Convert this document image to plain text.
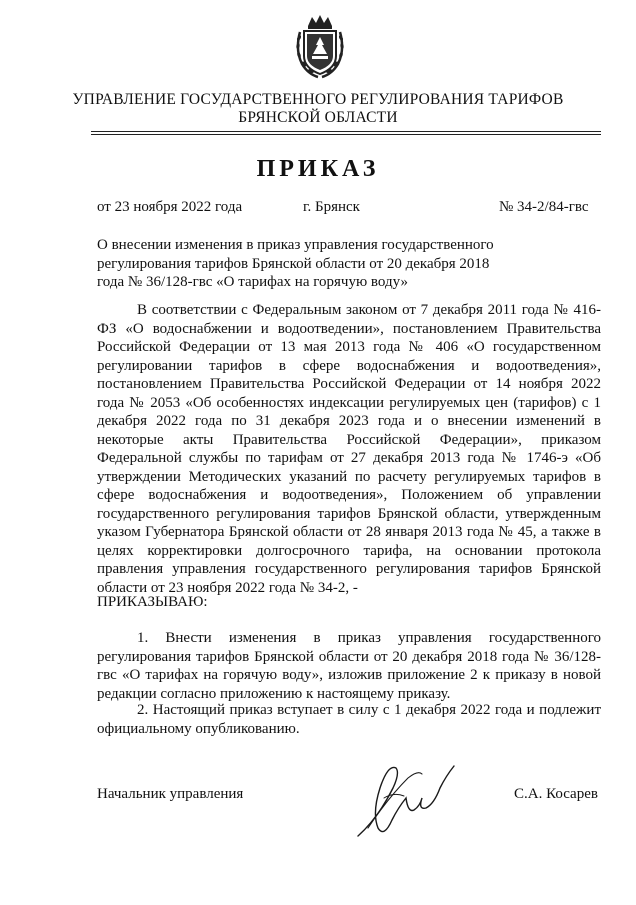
УПРАВЛЕНИЕ ГОСУДАРСТВЕННОГО РЕГУЛИРОВАНИЯ ТАРИФОВ
БРЯНСКОЙ ОБЛАСТИ
ПРИКАЗ
от 23 ноября 2022 года	г. Брянск	№ 34-2/84-гвс
О внесении изменения в приказ управления государственного регулирования тарифов Брянской области от 20 декабря 2018 года № 36/128-гвс «О тарифах на горячую воду»
В соответствии с Федеральным законом от 7 декабря 2011 года № 416-ФЗ «О водоснабжении и водоотведении», постановлением Правительства Российской Федерации от 13 мая 2013 года № 406 «О государственном регулировании тарифов в сфере водоснабжения и водоотведения», постановлением Правительства Российской Федерации от 14 ноября 2022 года № 2053 «Об особенностях индексации регулируемых цен (тарифов) с 1 декабря 2022 года по 31 декабря 2023 года и о внесении изменений в некоторые акты Правительства Российской Федерации», приказом Федеральной службы по тарифам от 27 декабря 2013 года № 1746-э «Об утверждении Методических указаний по расчету регулируемых тарифов в сфере водоснабжения и водоотведения», Положением об управлении государственного регулирования тарифов Брянской области, утвержденным указом Губернатора Брянской области от 28 января 2013 года № 45, а также в целях корректировки долгосрочного тарифа, на основании протокола правления управления государственного регулирования тарифов Брянской области от 23 ноября 2022 года № 34-2, -
ПРИКАЗЫВАЮ:
1. Внести изменения в приказ управления государственного регулирования тарифов Брянской области от 20 декабря 2018 года № 36/128-гвс «О тарифах на горячую воду», изложив приложение 2 к приказу в новой редакции согласно приложению к настоящему приказу.
2. Настоящий приказ вступает в силу с 1 декабря 2022 года и подлежит официальному опубликованию.
Начальник управления	С.А. Косарев
